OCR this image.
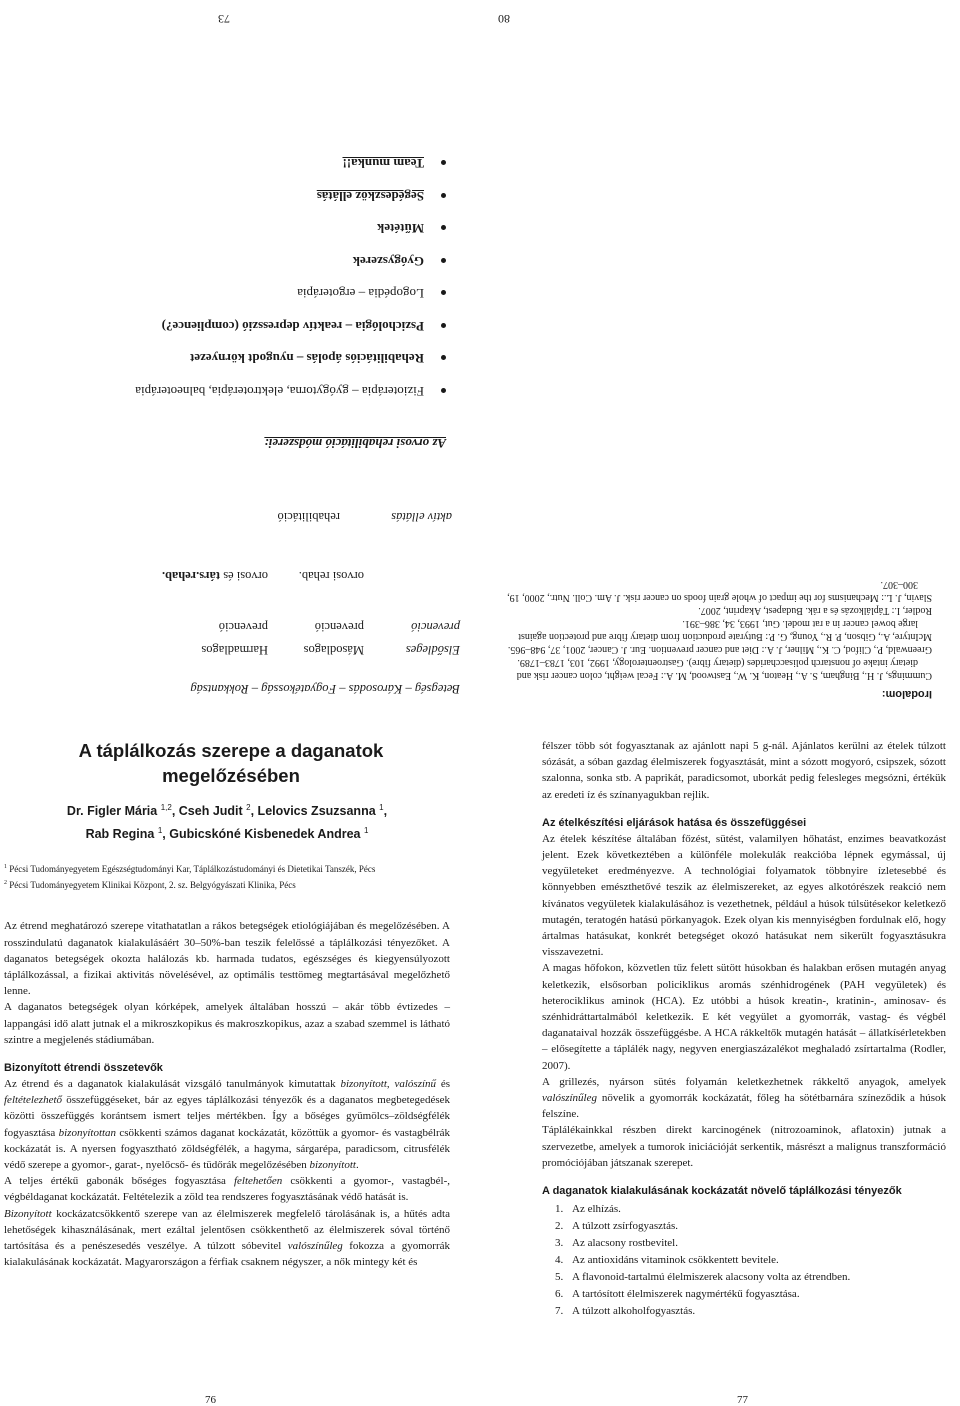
Irodalom:

Cummings, J. H., Bingham, S. A., Heaton, K. W., Eastwood, M. A.: Fecal weight, colon cancer risk and dietary intake of nonstarch polisaccharides (dietary fibre). Gastroenterology, 1992, 103, 1783–1789.

Greenwald, P., Clifod, C. K., Milner, J. A.: Diet and cancer prevention. Eur. J. Cancer, 2001, 37, 948–965.

McIntyre, A., Gibson, P. R., Young, G. P.: Butyrate production from dietary fibre and protection against large bowel cancer in a rat model. Gut, 1993, 34, 386–391.

Rodler, I.: Táplálkozás és a rák. Budapest, Akaprint, 2007.

Slavin, J. L.: Mechanisms for the impact of whole grain foods on cancer risk. J. Am. Coll. Nutr., 2000, 19, 300–307.

80

Betegség – Károsodás – Fogyatékosság – Rokkantság

ElsődlegesMásodlagosHarmadlagos
prevencióprevencióprevenció
orvosi rehab.orvosi és társ.rehab.
aktív ellátásrehabilitáció
Az orvosi rehabilitáció módszerei:
Fizioterápia – gyógytorna, elektroterápia, balneoterápia
Rehabilitációs ápolás – nyugodt környezet
Pszichológia – reaktív depresszió (complience?)
Logopédia – ergoterápia
Gyógyszerek
Műtétek
Segédeszköz ellátás
Team munka!!
73
A táplálkozás szerepe a daganatok megelőzésében
Dr. Figler Mária $^{1,2}$, Cseh Judit $^2$, Lelovics Zsuzsanna $^1$,
Rab Regina $^1$, Gubicskóné Kisbenedek Andrea $^1$

$^1$ Pécsi Tudományegyetem Egészségtudományi Kar, Táplálkozástudományi és Dietetikai Tanszék, Pécs

$^2$ Pécsi Tudományegyetem Klinikai Központ, 2. sz. Belgyógyászati Klinika, Pécs

Az étrend meghatározó szerepe vitathatatlan a rákos betegségek etiológiájában és megelőzésében. A rosszindulatú daganatok kialakulásáért 30–50%-ban teszik felelőssé a táplálkozási tényezőket. A daganatos betegségek okozta halálozás kb. harmada tudatos, egészséges és kiegyensúlyozott táplálkozással, a fizikai aktivitás növelésével, az optimális testtömeg megtartásával megelőzhető lenne.

A daganatos betegségek olyan kórképek, amelyek általában hosszú – akár több évtizedes – lappangási idő alatt jutnak el a mikroszkopikus és makroszkopikus, azaz a szabad szemmel is látható szintre a megjelenés stádiumában.

Bizonyított étrendi összetevők

Az étrend és a daganatok kialakulását vizsgáló tanulmányok kimutattak bizonyított, valószínű és feltételezhető összefüggéseket, bár az egyes táplálkozási tényezők és a daganatos megbetegedések közötti összefüggés korántsem ismert teljes mértékben. Így a bőséges gyümölcs–zöldségfélék fogyasztása bizonyítottan csökkenti számos daganat kockázatát, közöttük a gyomor- és vastagbélrák kockázatát is. A nyersen fogyasztható zöldségfélék, a hagyma, sárgarépa, paradicsom, citrusfélék védő szerepe a gyomor-, garat-, nyelőcső- és tüdőrák megelőzésében bizonyított.

A teljes értékű gabonák bőséges fogyasztása feltehetően csökkenti a gyomor-, vastagbél-, végbéldaganat kockázatát. Feltételezik a zöld tea rendszeres fogyasztásának védő hatását is.

Bizonyított kockázatcsökkentő szerepe van az élelmiszerek megfelelő tárolásának is, a hűtés adta lehetőségek kihasználásának, mert ezáltal jelentősen csökkenthető az élelmiszerek sóval történő tartósítása és a penészesedés veszélye. A túlzott sóbevitel valószínűleg fokozza a gyomorrák kialakulásának kockázatát. Magyarországon a férfiak csaknem négyszer, a nők mintegy két és

76

félszer több sót fogyasztanak az ajánlott napi 5 g-nál. Ajánlatos kerülni az ételek túlzott sózását, a sóban gazdag élelmiszerek fogyasztását, mint a sózott mogyoró, csipszek, sózott szalonna, sonka stb. A paprikát, paradicsomot, uborkát pedig felesleges megsózni, értékük az eredeti íz és színanyagukban rejlik.

Az ételkészítési eljárások hatása és összefüggései

Az ételek készítése általában főzést, sütést, valamilyen hőhatást, enzimes beavatkozást jelent. Ezek következtében a különféle molekulák reakcióba lépnek egymással, új vegyületeket eredményezve. A technológiai folyamatok többnyire ízletesebbé és könnyebben emészthetővé teszik az élelmiszereket, az egyes alkotórészek reakció nem kívánatos vegyületek kialakulásához is vezethetnek, például a húsok túlsütésekor keletkező mutagén, teratogén hatású pörkanyagok. Ezek olyan kis mennyiségben fordulnak elő, hogy ártalmas hatásukat, konkrét betegséget okozó hatásukat nem sikerült fogyasztásukra visszavezetni.

A magas hőfokon, közvetlen tűz felett sütött húsokban és halakban erősen mutagén anyag keletkezik, elsősorban policiklikus aromás szénhidrogének (PAH vegyületek) és heterociklikus aminok (HCA). Ez utóbbi a húsok kreatin-, kratinin-, aminosav- és szénhidráttartalmából keletkezik. E két vegyület a gyomorrák, vastag- és végbél daganataival hozzák összefüggésbe. A HCA rákkeltők mutagén hatását – állatkísérletekben – elősegítette a táplálék nagy, negyven energiaszázalékot meghaladó zsírtartalma (Rodler, 2007).

A grillezés, nyárson sütés folyamán keletkezhetnek rákkeltő anyagok, amelyek valószínűleg növelik a gyomorrák kockázatát, főleg ha sötétbarnára színeződik a húsok felszíne.

Táplálékainkkal részben direkt karcinogének (nitrozoaminok, aflatoxin) jutnak a szervezetbe, amelyek a tumorok iniciációját serkentik, másrészt a malignus transzformáció promóciójában játszanak szerepet.

A daganatok kialakulásának kockázatát növelő táplálkozási tényezők
1. Az elhízás.
2. A túlzott zsírfogyasztás.
3. Az alacsony rostbevitel.
4. Az antioxidáns vitaminok csökkentett bevitele.
5. A flavonoid-tartalmú élelmiszerek alacsony volta az étrendben.
6. A tartósított élelmiszerek nagymértékű fogyasztása.
7. A túlzott alkoholfogyasztás.
77
